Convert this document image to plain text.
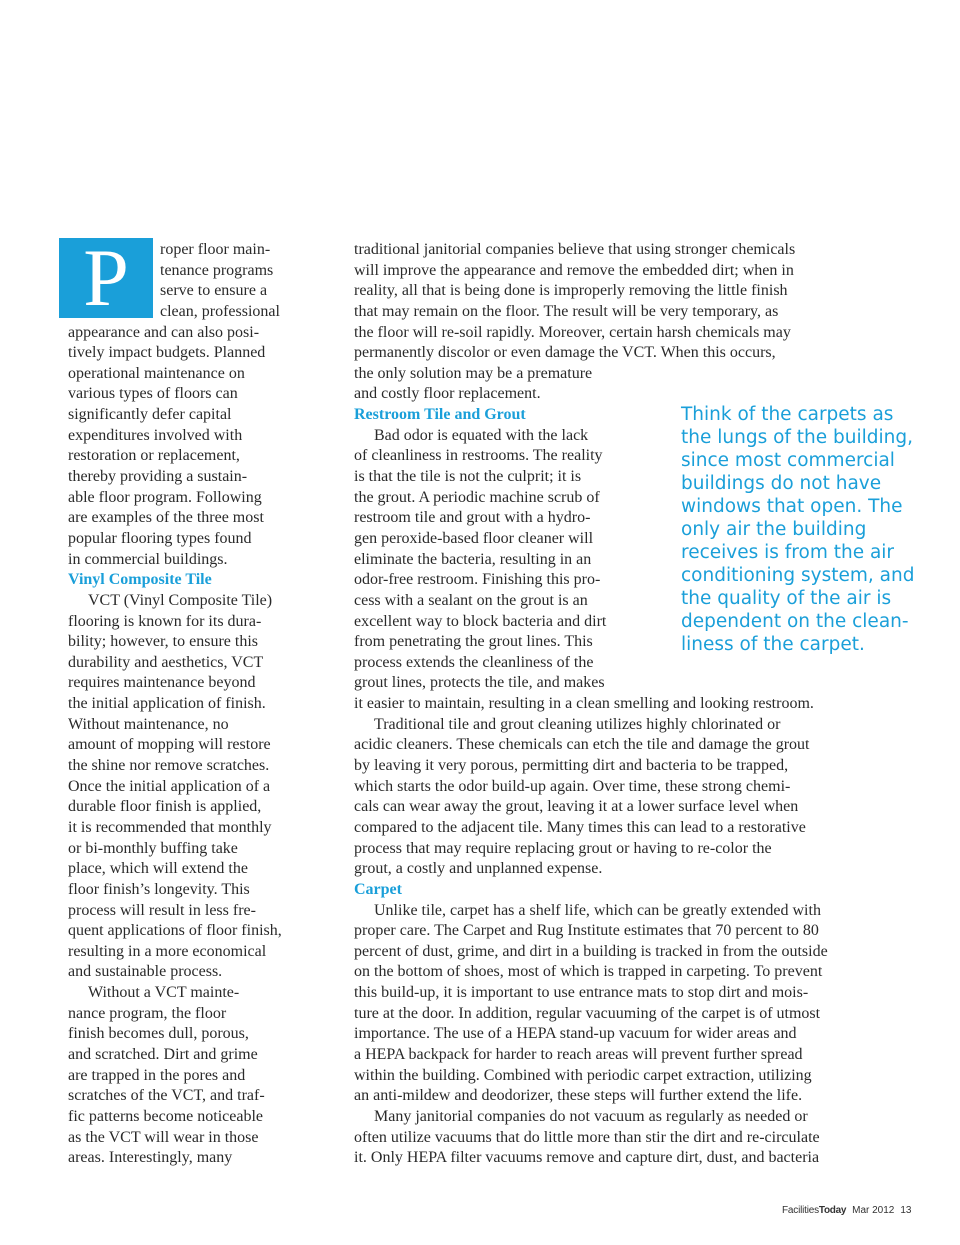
P	roper floor main-
tenance programs
serve to ensure a
clean, professional
appearance and can also posi-
tively impact budgets. Planned
operational maintenance on
various types of floors can
significantly defer capital
expenditures involved with
restoration or replacement,
thereby providing a sustain-
able floor program. Following
are examples of the three most
popular flooring types found
in commercial buildings.
Vinyl Composite Tile
VCT (Vinyl Composite Tile)
flooring is known for its dura-
bility; however, to ensure this
durability and aesthetics, VCT
requires maintenance beyond
the initial application of finish.
Without maintenance, no
amount of mopping will restore
the shine nor remove scratches.
Once the initial application of a
durable floor finish is applied,
it is recommended that monthly
or bi-monthly buffing take
place, which will extend the
floor finish’s longevity. This
process will result in less fre-
quent applications of floor finish,
resulting in a more economical
and sustainable process.
Without a VCT mainte-
nance program, the floor
finish becomes dull, porous,
and scratched. Dirt and grime
are trapped in the pores and
scratches of the VCT, and traf-
fic patterns become noticeable
as the VCT will wear in those
areas. Interestingly, many
traditional janitorial companies believe that using stronger chemicals
will improve the appearance and remove the embedded dirt; when in
reality, all that is being done is improperly removing the little finish
that may remain on the floor. The result will be very temporary, as
the floor will re-soil rapidly. Moreover, certain harsh chemicals may
permanently discolor or even damage the VCT. When this occurs,
the only solution may be a premature
and costly floor replacement.
Restroom Tile and Grout
Bad odor is equated with the lack
of cleanliness in restrooms. The reality
is that the tile is not the culprit; it is
the grout. A periodic machine scrub of
restroom tile and grout with a hydro-
gen peroxide-based floor cleaner will
eliminate the bacteria, resulting in an
odor-free restroom. Finishing this pro-
cess with a sealant on the grout is an
excellent way to block bacteria and dirt
from penetrating the grout lines. This
process extends the cleanliness of the
grout lines, protects the tile, and makes
it easier to maintain, resulting in a clean smelling and looking restroom.
Traditional tile and grout cleaning utilizes highly chlorinated or
acidic cleaners. These chemicals can etch the tile and damage the grout
by leaving it very porous, permitting dirt and bacteria to be trapped,
which starts the odor build-up again. Over time, these strong chemi-
cals can wear away the grout, leaving it at a lower surface level when
compared to the adjacent tile. Many times this can lead to a restorative
process that may require replacing grout or having to re-color the
grout, a costly and unplanned expense.
Carpet
Unlike tile, carpet has a shelf life, which can be greatly extended with
proper care. The Carpet and Rug Institute estimates that 70 percent to 80
percent of dust, grime, and dirt in a building is tracked in from the outside
on the bottom of shoes, most of which is trapped in carpeting. To prevent
this build-up, it is important to use entrance mats to stop dirt and mois-
ture at the door. In addition, regular vacuuming of the carpet is of utmost
importance. The use of a HEPA stand-up vacuum for wider areas and
a HEPA backpack for harder to reach areas will prevent further spread
within the building. Combined with periodic carpet extraction, utilizing
an anti-mildew and deodorizer, these steps will further extend the life.
Many janitorial companies do not vacuum as regularly as needed or
often utilize vacuums that do little more than stir the dirt and re-circulate
it. Only HEPA filter vacuums remove and capture dirt, dust, and bacteria
Think of the carpets as
the lungs of the building,
since most commercial
buildings do not have
windows that open. The
only air the building
receives is from the air
conditioning system, and
the quality of the air is
dependent on the clean-
liness of the carpet.
FacilitiesToday Mar 2012 13
